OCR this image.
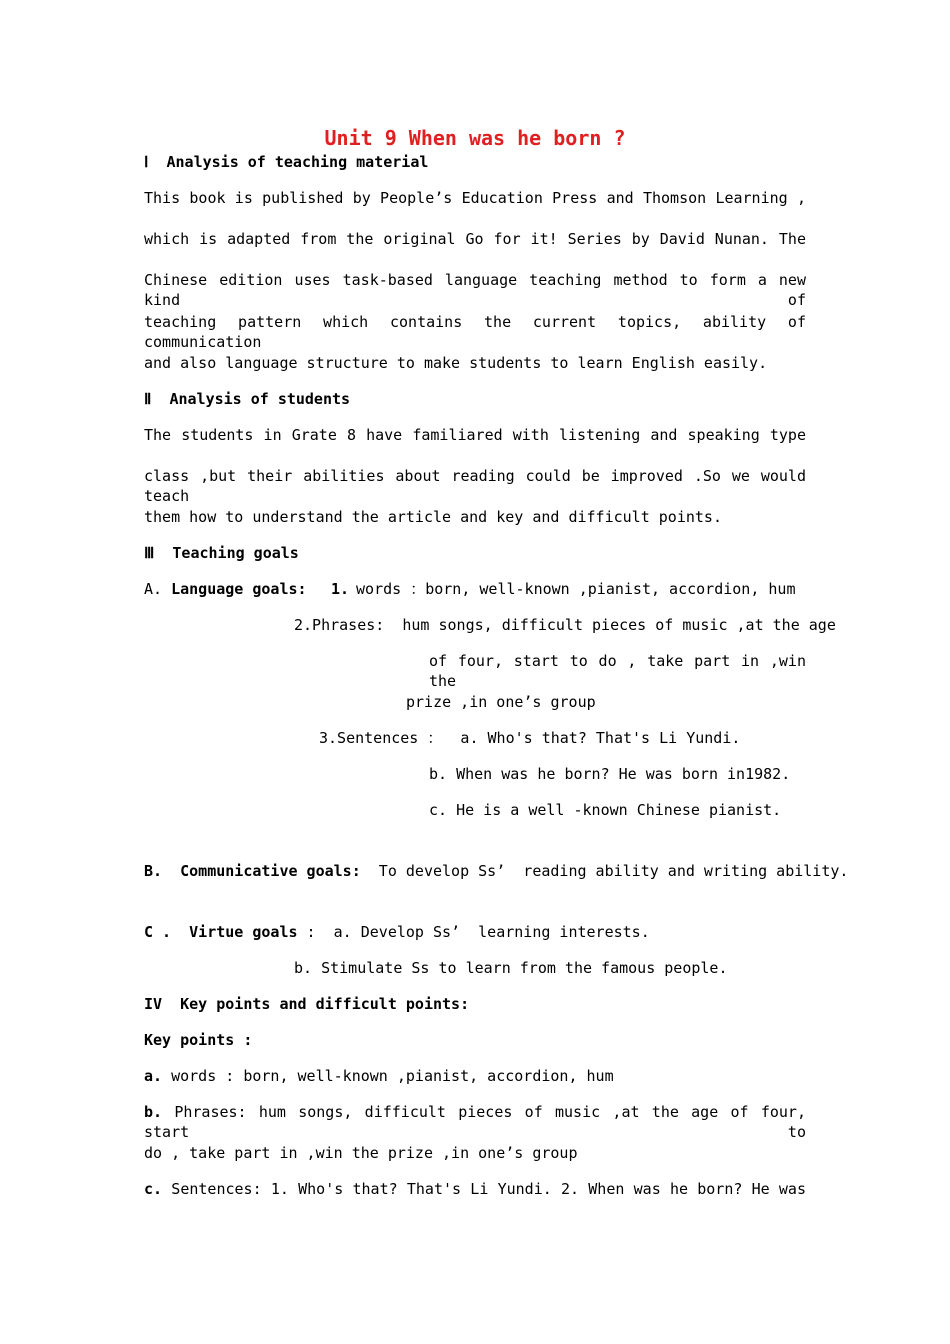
Unit 9 When was he born ?
Ⅰ  Analysis of teaching material
This book is published by People’s Education Press and Thomson Learning ,
which is adapted from the original Go for it! Series by David Nunan. The
Chinese edition uses task-based language teaching method to form a new kind of
teaching pattern which contains the current topics, ability of communication
and also language structure to make students to learn English easily.
Ⅱ  Analysis of students
The students in Grate 8 have familiared with listening and speaking type
class ,but their abilities about reading could be improved .So we would teach
them how to understand the article and key and difficult points.
Ⅲ  Teaching goals
A. Language goals: 1.
words ：born, well-known ,pianist, accordion, hum
2.Phrases:  hum songs, difficult pieces of music ,at the age
of four, start to do , take part in ,win the
prize ,in one’s group
3.Sentences ：  a. Who's that? That's Li Yundi.
b. When was he born? He was born in1982.
c. He is a well -known Chinese pianist.
B.  Communicative goals:  To develop Ss’  reading ability and writing ability.
C .  Virtue goals :  a. Develop Ss’  learning interests.
b. Stimulate Ss to learn from the famous people.
IV  Key points and difficult points:
Key points :
a. words : born, well-known ,pianist, accordion, hum
b. Phrases: hum songs, difficult pieces of music ,at the age of four, start to
do , take part in ,win the prize ,in one’s group
c. Sentences: 1. Who's that? That's Li Yundi. 2. When was he born? He was
